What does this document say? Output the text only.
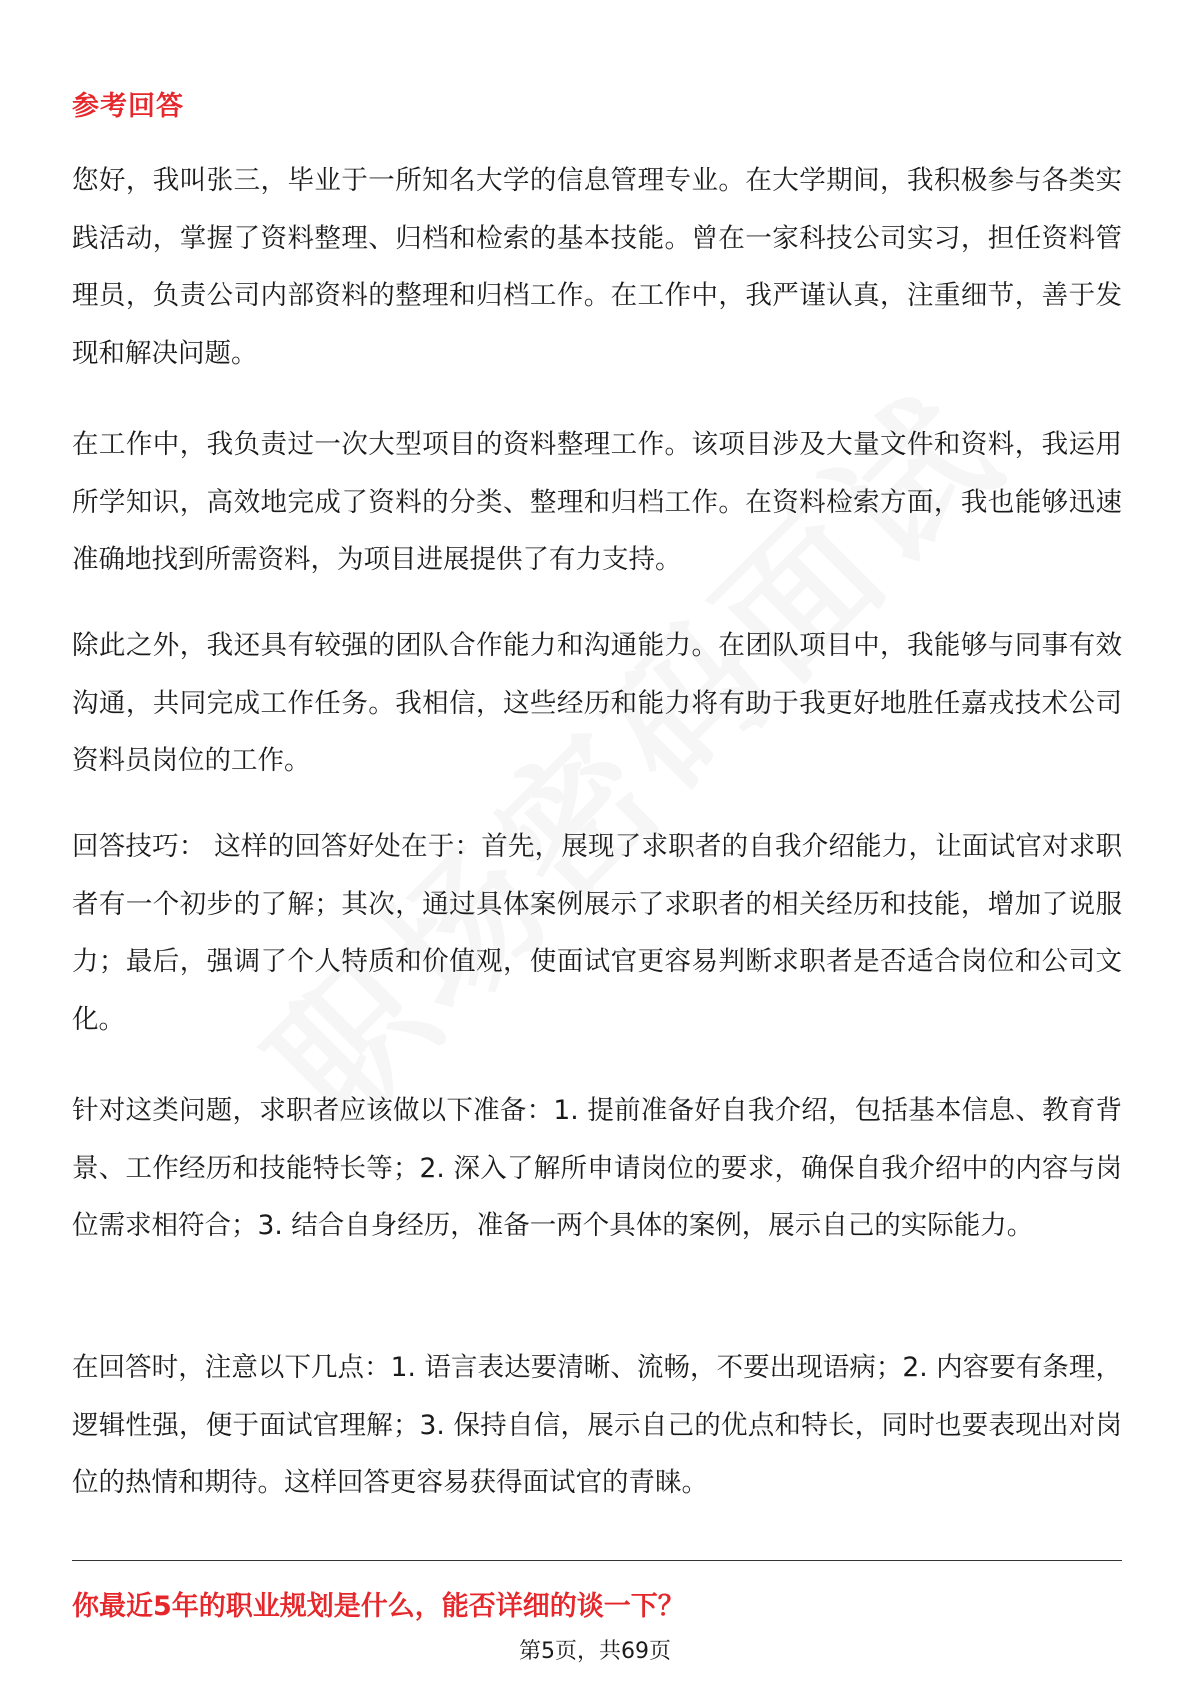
参考回答

您好，我叫张三，毕业于一所知名大学的信息管理专业。在大学期间，我积极参与各类实践活动，掌握了资料整理、归档和检索的基本技能。曾在一家科技公司实习，担任资料管理员，负责公司内部资料的整理和归档工作。在工作中，我严谨认真，注重细节，善于发现和解决问题。

在工作中，我负责过一次大型项目的资料整理工作。该项目涉及大量文件和资料，我运用所学知识，高效地完成了资料的分类、整理和归档工作。在资料检索方面，我也能够迅速准确地找到所需资料，为项目进展提供了有力支持。

除此之外，我还具有较强的团队合作能力和沟通能力。在团队项目中，我能够与同事有效沟通，共同完成工作任务。我相信，这些经历和能力将有助于我更好地胜任嘉戎技术公司资料员岗位的工作。

回答技巧： 这样的回答好处在于：首先，展现了求职者的自我介绍能力，让面试官对求职者有一个初步的了解；其次，通过具体案例展示了求职者的相关经历和技能，增加了说服力；最后，强调了个人特质和价值观，使面试官更容易判断求职者是否适合岗位和公司文化。

针对这类问题，求职者应该做以下准备：1. 提前准备好自我介绍，包括基本信息、教育背景、工作经历和技能特长等；2. 深入了解所申请岗位的要求，确保自我介绍中的内容与岗位需求相符合；3. 结合自身经历，准备一两个具体的案例，展示自己的实际能力。

在回答时，注意以下几点：1. 语言表达要清晰、流畅，不要出现语病；2. 内容要有条理，逻辑性强，便于面试官理解；3. 保持自信，展示自己的优点和特长，同时也要表现出对岗位的热情和期待。这样回答更容易获得面试官的青睐。

你最近5年的职业规划是什么，能否详细的谈一下？
第5页，共69页
